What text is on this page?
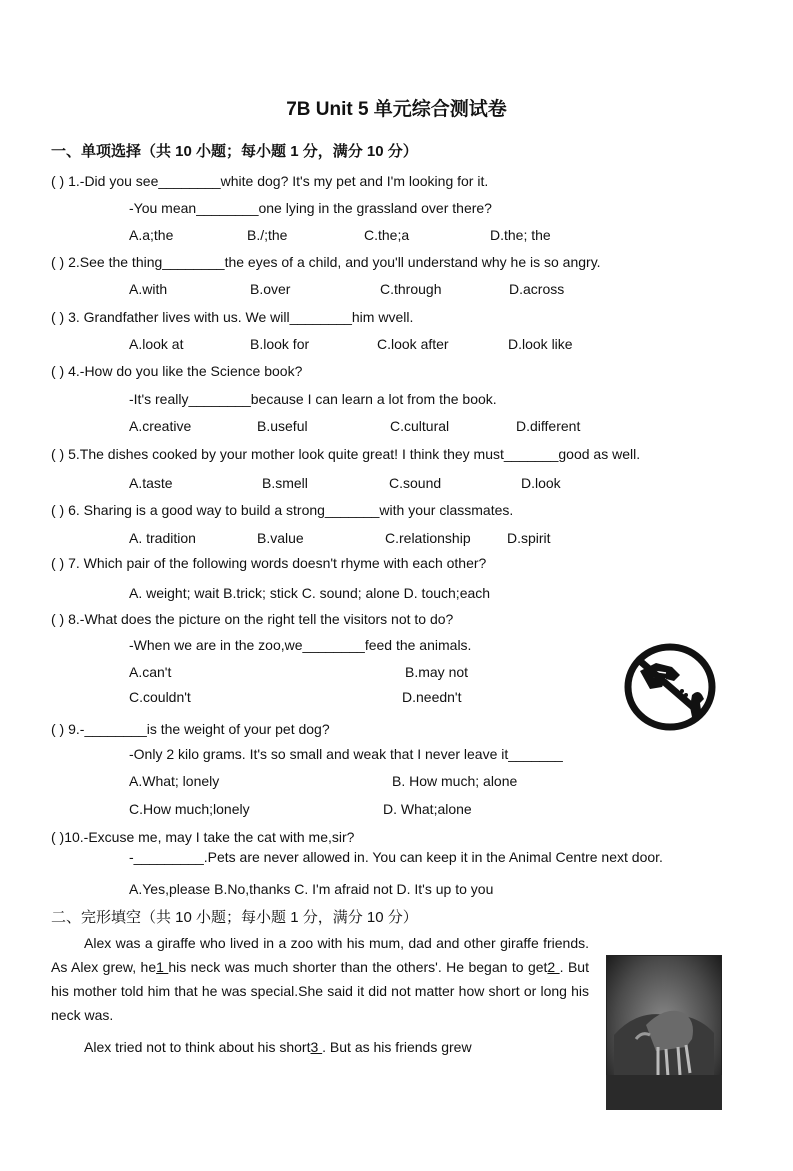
7B Unit 5 单元综合测试卷
一、单项选择（共 10 小题；每小题 1 分，满分 10 分）
( ) 1.-Did you see________white dog? It's my pet and I'm looking for it.
-You mean________one lying in the grassland over there?
A.a;the	B./;the	C.the;a	D.the; the
( ) 2.See the thing________the eyes of a child, and you'll understand why he is so angry.
A.with	B.over	C.through	D.across
( ) 3. Grandfather lives with us. We will________him wvell.
A.look at	B.look for	C.look after	D.look like
( ) 4.-How do you like the Science book?
-It's really________because I can learn a lot from the book.
A.creative	B.useful	C.cultural	D.different
( ) 5.The dishes cooked by your mother look quite great! I think they must_______good as well.
A.taste	B.smell	C.sound	D.look
( ) 6. Sharing is a good way to build a strong_______with your classmates.
A. tradition	B.value	C.relationship	D.spirit
( ) 7. Which pair of the following words doesn't rhyme with each other?
A. weight; wait B.trick; stick C. sound; alone D. touch;each
( ) 8.-What does the picture on the right tell the visitors not to do?
-When we are in the zoo,we________feed the animals.
A.can't	B.may not
C.couldn't	D.needn't
( ) 9.-________is the weight of your pet dog?
-Only 2 kilo grams. It's so small and weak that I never leave it_______
A.What; lonely	B. How much; alone
C.How much;lonely	D. What;alone
( )10.-Excuse me, may I take the cat with me,sir?
-_________.Pets are never allowed in. You can keep it in the Animal Centre next door.
A.Yes,please B.No,thanks C. I'm afraid not D. It's up to you
二、完形填空（共 10 小题；每小题 1 分，满分 10 分）
Alex was a giraffe who lived in a zoo with his mum, dad and other giraffe friends. As Alex grew, he1 his neck was much shorter than the others'. He began to get2 . But his mother told him that he was special.She said it did not matter how short or long his neck was.
Alex tried not to think about his short3 . But as his friends grew
